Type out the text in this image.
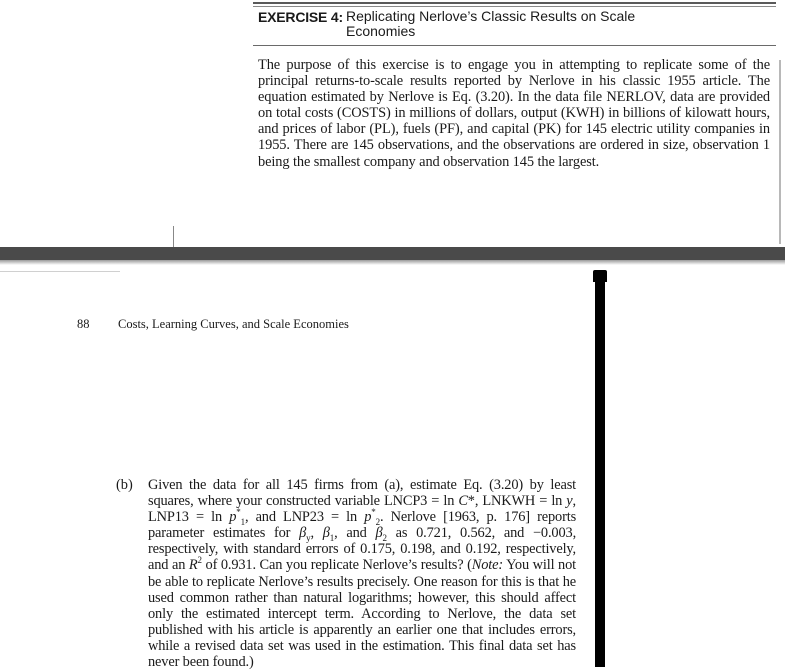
EXERCISE 4: Replicating Nerlove’s Classic Results on Scale Economies

The purpose of this exercise is to engage you in attempting to replicate some of the principal returns-to-scale results reported by Nerlove in his classic 1955 article. The equation estimated by Nerlove is Eq. (3.20). In the data file NERLOV, data are provided on total costs (COSTS) in millions of dollars, output (KWH) in billions of kilowatt hours, and prices of labor (PL), fuels (PF), and capital (PK) for 145 electric utility companies in 1955. There are 145 observations, and the observations are ordered in size, observation 1 being the smallest company and observation 145 the largest.

88 Costs, Learning Curves, and Scale Economies
(b) Given the data for all 145 firms from (a), estimate Eq. (3.20) by least squares, where your constructed variable LNCP3 = ln C*, LNKWH = ln y, $LNP13 = \ln p^*_1$, and $LNP23 = \ln p^*_2$. Nerlove [1963, p. 176] reports parameter estimates for $\beta_y$, $\beta_1$, and $\beta_2$ as 0.721, 0.562, and −0.003, respectively, with standard errors of 0.175, 0.198, and 0.192, respectively, and an $R^2$ of 0.931. Can you replicate Nerlove’s results? (Note: You will not be able to replicate Nerlove’s results precisely. One reason for this is that he used common rather than natural logarithms; however, this should affect only the estimated intercept term. According to Nerlove, the data set published with his article is apparently an earlier one that includes errors, while a revised data set was used in the estimation. This final data set has never been found.)
